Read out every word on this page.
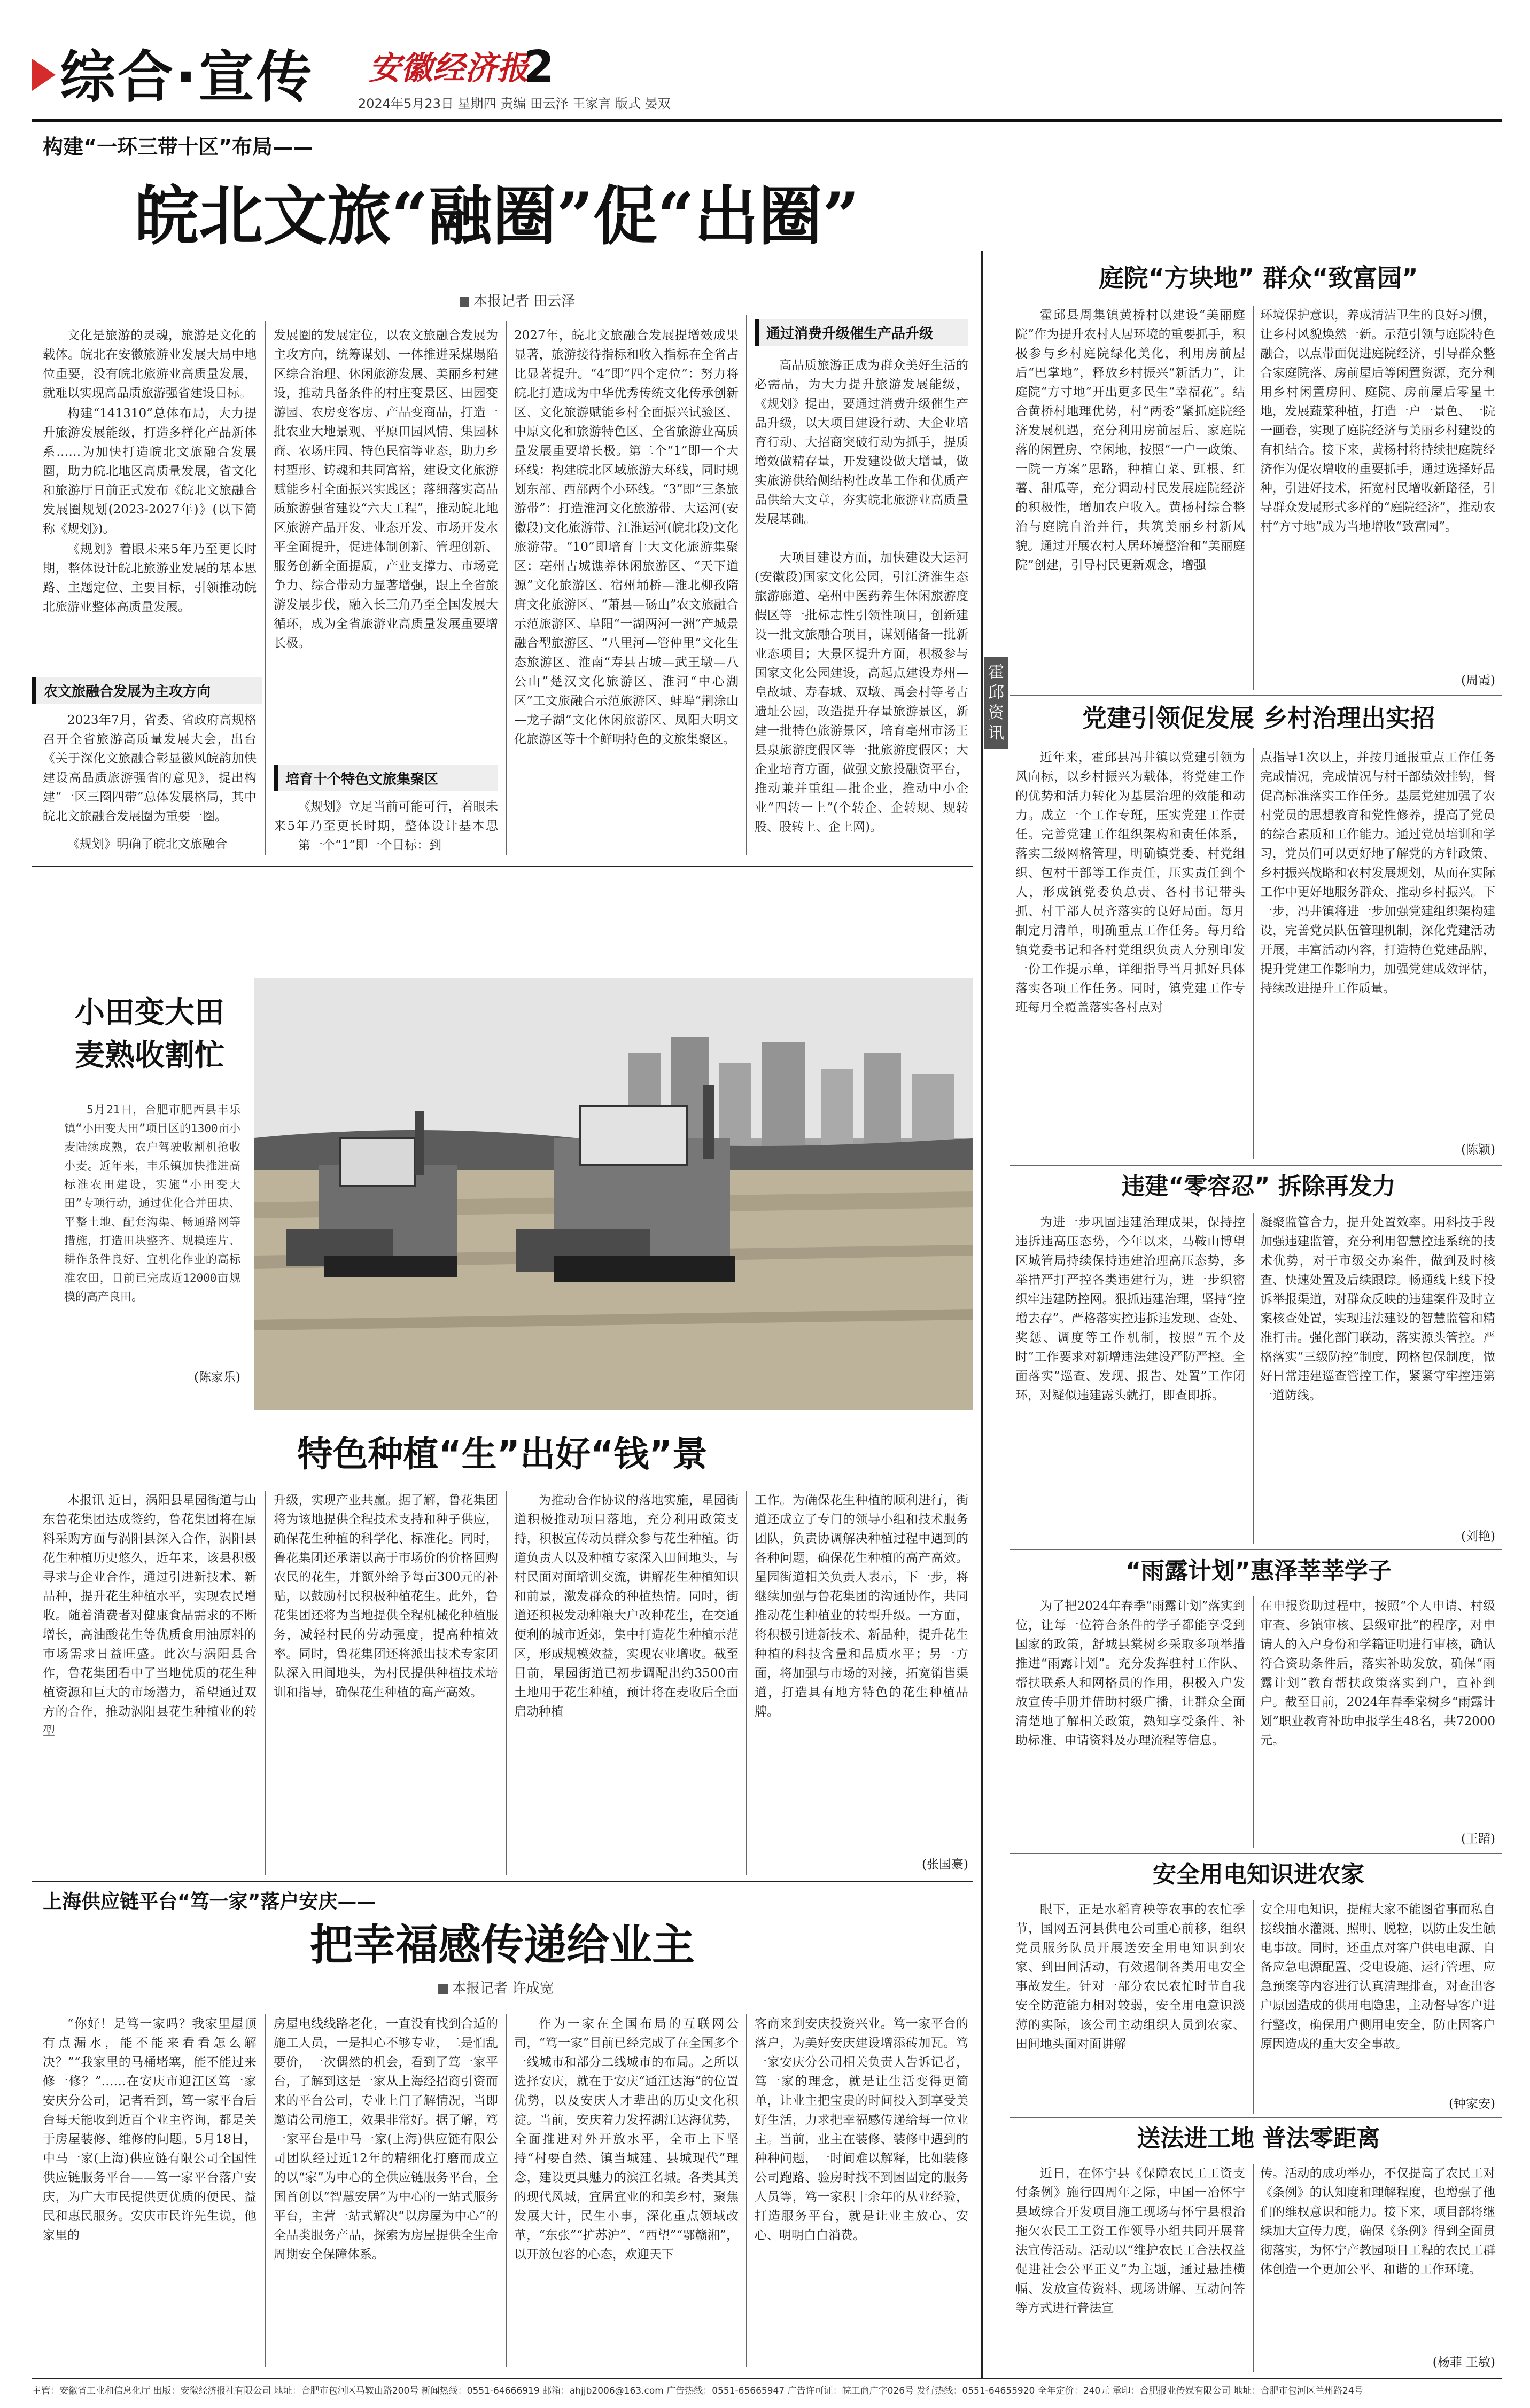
综合·宣传 安徽经济报
2
2024年5月23日 星期四 责编 田云泽 王家言 版式 晏双
构建“一环三带十区”布局——
皖北文旅“融圈”促“出圈”
本报记者 田云泽
文化是旅游的灵魂，旅游是文化的载体。皖北在安徽旅游业发展大局中地位重要，没有皖北旅游业高质量发展，就难以实现高品质旅游强省建设目标。
构建“141310”总体布局，大力提升旅游发展能级，打造多样化产品新体系……为加快打造皖北文旅融合发展圈，助力皖北地区高质量发展，省文化和旅游厅日前正式发布《皖北文旅融合发展圈规划(2023-2027年)》(以下简称《规划》)。
《规划》着眼未来5年乃至更长时期，整体设计皖北旅游业发展的基本思路、主题定位、主要目标，引领推动皖北旅游业整体高质量发展。
农文旅融合发展为主攻方向
2023年7月，省委、省政府高规格召开全省旅游高质量发展大会，出台《关于深化文旅融合彰显徽风皖韵加快建设高品质旅游强省的意见》，提出构建“一区三圈四带”总体发展格局，其中皖北文旅融合发展圈为重要一圈。
《规划》明确了皖北文旅融合
发展圈的发展定位，以农文旅融合发展为主攻方向，统筹谋划、一体推进采煤塌陷区综合治理、休闲旅游发展、美丽乡村建设，推动具备条件的村庄变景区、田园变游园、农房变客房、产品变商品，打造一批农业大地景观、平原田园风情、集园林商、农场庄园、特色民宿等业态，助力乡村塑形、铸魂和共同富裕，建设文化旅游赋能乡村全面振兴实践区；落细落实高品质旅游强省建设“六大工程”，推动皖北地区旅游产品开发、业态开发、市场开发水平全面提升，促进体制创新、管理创新、服务创新全面提质，产业支撑力、市场竞争力、综合带动力显著增强，跟上全省旅游发展步伐，融入长三角乃至全国发展大循环，成为全省旅游业高质量发展重要增长极。
培育十个特色文旅集聚区
《规划》立足当前可能可行，着眼未来5年乃至更长时期，整体设计基本思
第一个“1”即一个目标：到
2027年，皖北文旅融合发展提增效成果显著，旅游接待指标和收入指标在全省占比显著提升。“4”即“四个定位”：努力将皖北打造成为中华优秀传统文化传承创新区、文化旅游赋能乡村全面振兴试验区、中原文化和旅游特色区、全省旅游业高质量发展重要增长极。第二个“1”即一个大环线：构建皖北区域旅游大环线，同时规划东部、西部两个小环线。“3”即“三条旅游带”：打造淮河文化旅游带、大运河(安徽段)文化旅游带、江淮运河(皖北段)文化旅游带。“10”即培育十大文化旅游集聚区：亳州古城谯养休闲旅游区、“天下道源”文化旅游区、宿州埇桥—淮北柳孜隋唐文化旅游区、“萧县—砀山”农文旅融合示范旅游区、阜阳“一湖两河一洲”产城景融合型旅游区、“八里河—管仲里”文化生态旅游区、淮南“寿县古城—武王墩—八公山”楚汉文化旅游区、淮河“中心湖区”工文旅融合示范旅游区、蚌埠“荆涂山—龙子湖”文化休闲旅游区、凤阳大明文化旅游区等十个鲜明特色的文旅集聚区。
通过消费升级催生产品升级
高品质旅游正成为群众美好生活的必需品，为大力提升旅游发展能级，《规划》提出，要通过消费升级催生产品升级，以大项目建设行动、大企业培育行动、大招商突破行动为抓手，提质增效做精存量，开发建设做大增量，做实旅游供给侧结构性改革工作和优质产品供给大文章，夯实皖北旅游业高质量发展基础。
大项目建设方面，加快建设大运河(安徽段)国家文化公园，引江济淮生态旅游廊道、亳州中医药养生休闲旅游度假区等一批标志性引领性项目，创新建设一批文旅融合项目，谋划储备一批新业态项目；大景区提升方面，积极参与国家文化公园建设，高起点建设寿州—皇故城、寿春城、双墩、禹会村等考古遗址公园，改造提升存量旅游景区，新建一批特色旅游景区，培育亳州市汤王县泉旅游度假区等一批旅游度假区；大企业培育方面，做强文旅投融资平台，推动兼并重组—批企业，推动中小企业“四转一上”(个转企、企转规、规转股、股转上、企上网)。
小田变大田
麦熟收割忙
5月21日，合肥市肥西县丰乐镇“小田变大田”项目区的1300亩小麦陆续成熟，农户驾驶收割机抢收小麦。近年来，丰乐镇加快推进高标准农田建设，实施“小田变大田”专项行动，通过优化合并田块、平整土地、配套沟渠、畅通路网等措施，打造田块整齐、规模连片、耕作条件良好、宜机化作业的高标准农田，目前已完成近12000亩规模的高产良田。
(陈家乐)
特色种植“生”出好“钱”景
本报讯 近日，涡阳县星园街道与山东鲁花集团达成签约，鲁花集团将在原料采购方面与涡阳县深入合作，涡阳县花生种植历史悠久，近年来，该县积极寻求与企业合作，通过引进新技术、新品种，提升花生种植水平，实现农民增收。随着消费者对健康食品需求的不断增长，高油酸花生等优质食用油原料的市场需求日益旺盛。此次与涡阳县合作，鲁花集团看中了当地优质的花生种植资源和巨大的市场潜力，希望通过双方的合作，推动涡阳县花生种植业的转型
升级，实现产业共赢。据了解，鲁花集团将为该地提供全程技术支持和种子供应，确保花生种植的科学化、标准化。同时，鲁花集团还承诺以高于市场价的价格回购农民的花生，并额外给予每亩300元的补贴，以鼓励村民积极种植花生。此外，鲁花集团还将为当地提供全程机械化种植服务，减轻村民的劳动强度，提高种植效率。同时，鲁花集团还将派出技术专家团队深入田间地头，为村民提供种植技术培训和指导，确保花生种植的高产高效。
为推动合作协议的落地实施，星园街道积极推动项目落地，充分利用政策支持，积极宣传动员群众参与花生种植。街道负责人以及种植专家深入田间地头，与村民面对面培训交流，讲解花生种植知识和前景，激发群众的种植热情。同时，街道还积极发动种粮大户改种花生，在交通便利的城市近郊，集中打造花生种植示范区，形成规模效益，实现农业增收。截至目前，星园街道已初步调配出约3500亩土地用于花生种植，预计将在麦收后全面启动种植
工作。为确保花生种植的顺利进行，街道还成立了专门的领导小组和技术服务团队，负责协调解决种植过程中遇到的各种问题，确保花生种植的高产高效。星园街道相关负责人表示，下一步，将继续加强与鲁花集团的沟通协作，共同推动花生种植业的转型升级。一方面，将积极引进新技术、新品种，提升花生种植的科技含量和品质水平；另一方面，将加强与市场的对接，拓宽销售渠道，打造具有地方特色的花生种植品牌。
(张国豪)
上海供应链平台“笃一家”落户安庆——
把幸福感传递给业主
本报记者 许成宽
“你好！是笃一家吗？我家里屋顶有点漏水，能不能来看看怎么解决？”“我家里的马桶堵塞，能不能过来修一修？”……在安庆市迎江区笃一家安庆分公司，记者看到，笃一家平台后台每天能收到近百个业主咨询，都是关于房屋装修、维修的问题。5月18日，中马一家(上海)供应链有限公司全国性供应链服务平台——笃一家平台落户安庆，为广大市民提供更优质的便民、益民和惠民服务。安庆市民许先生说，他家里的
房屋电线线路老化，一直没有找到合适的施工人员，一是担心不够专业，二是怕乱要价，一次偶然的机会，看到了笃一家平台，了解到这是一家从上海经招商引资而来的平台公司，专业上门了解情况，当即邀请公司施工，效果非常好。据了解，笃一家平台是中马一家(上海)供应链有限公司团队经过近12年的精细化打磨而成立的以“家”为中心的全供应链服务平台，全国首创以“智慧安居”为中心的一站式服务平台，主营一站式解决“以房屋为中心”的全品类服务产品，探索为房屋提供全生命周期安全保障体系。
作为一家在全国布局的互联网公司，“笃一家”目前已经完成了在全国多个一线城市和部分二线城市的布局。之所以选择安庆，就在于安庆“通江达海”的位置优势，以及安庆人才辈出的历史文化积淀。当前，安庆着力发挥湖江达海优势，全面推进对外开放水平，全市上下坚持“村要自然、镇当城建、县城现代”理念，建设更具魅力的滨江名城。各类其美的现代风城，宜居宜业的和美乡村，聚焦发展大计，民生小事，深化重点领域改革，“东张”“扩苏沪”、“西望”“鄂赣湘”，以开放包容的心态，欢迎天下
客商来到安庆投资兴业。笃一家平台的落户，为美好安庆建设增添砖加瓦。笃一家安庆分公司相关负责人告诉记者，笃一家的理念，就是让生活变得更简单，让业主把宝贵的时间投入到享受美好生活，力求把幸福感传递给每一位业主。当前，业主在装修、装修中遇到的种种问题，一时间难以解释，比如装修公司跑路、验房时找不到困固定的服务人员等，笃一家积十余年的从业经验，打造服务平台，就是让业主放心、安心、明明白白消费。
霍邱资讯
庭院“方块地” 群众“致富园”
霍邱县周集镇黄桥村以建设“美丽庭院”作为提升农村人居环境的重要抓手，积极参与乡村庭院绿化美化，利用房前屋后“巴掌地”，释放乡村振兴“新活力”，让庭院“方寸地”开出更多民生“幸福花”。结合黄桥村地理优势，村“两委”紧抓庭院经济发展机遇，充分利用房前屋后、家庭院落的闲置房、空闲地，按照“一户一政策、一院一方案”思路，种植白菜、豇根、红薯、甜瓜等，充分调动村民发展庭院经济的积极性，增加农户收入。黄杨村综合整治与庭院自治并行，共筑美丽乡村新风貌。通过开展农村人居环境整治和“美丽庭院”创建，引导村民更新观念，增强
环境保护意识，养成清洁卫生的良好习惯，让乡村风貌焕然一新。示范引领与庭院特色融合，以点带面促进庭院经济，引导群众整合家庭院落、房前屋后等闲置资源，充分利用乡村闲置房间、庭院、房前屋后零星土地，发展蔬菜种植，打造一户一景色、一院一画卷，实现了庭院经济与美丽乡村建设的有机结合。接下来，黄杨村将持续把庭院经济作为促农增收的重要抓手，通过选择好品种，引进好技术，拓宽村民增收新路径，引导群众发展形式多样的“庭院经济”，推动农村“方寸地”成为当地增收“致富园”。
(周霞)
党建引领促发展 乡村治理出实招
近年来，霍邱县冯井镇以党建引领为风向标，以乡村振兴为载体，将党建工作的优势和活力转化为基层治理的效能和动力。成立一个工作专班，压实党建工作责任。完善党建工作组织架构和责任体系，落实三级网格管理，明确镇党委、村党组织、包村干部等工作责任，压实责任到个人，形成镇党委负总责、各村书记带头抓、村干部人员齐落实的良好局面。每月制定月清单，明确重点工作任务。每月给镇党委书记和各村党组织负责人分别印发一份工作提示单，详细指导当月抓好具体落实各项工作任务。同时，镇党建工作专班每月全覆盖落实各村点对
点指导1次以上，并按月通报重点工作任务完成情况，完成情况与村干部绩效挂钩，督促高标准落实工作任务。基层党建加强了农村党员的思想教育和党性修养，提高了党员的综合素质和工作能力。通过党员培训和学习，党员们可以更好地了解党的方针政策、乡村振兴战略和农村发展规划，从而在实际工作中更好地服务群众、推动乡村振兴。下一步，冯井镇将进一步加强党建组织架构建设，完善党员队伍管理机制，深化党建活动开展，丰富活动内容，打造特色党建品牌，提升党建工作影响力，加强党建成效评估，持续改进提升工作质量。
(陈颖)
违建“零容忍” 拆除再发力
为进一步巩固违建治理成果，保持控违拆违高压态势，今年以来，马鞍山博望区城管局持续保持违建治理高压态势，多举措严打严控各类违建行为，进一步织密织牢违建防控网。狠抓违建治理，坚持“控增去存”。严格落实控违拆违发现、查处、奖惩、调度等工作机制，按照“五个及时”工作要求对新增违法建设严防严控。全面落实“巡查、发现、报告、处置”工作闭环，对疑似违建露头就打，即查即拆。
凝聚监管合力，提升处置效率。用科技手段加强违建监管，充分利用智慧控违系统的技术优势，对于市级交办案件，做到及时核查、快速处置及后续跟踪。畅通线上线下投诉举报渠道，对群众反映的违建案件及时立案核查处置，实现违法建设的智慧监管和精准打击。强化部门联动，落实源头管控。严格落实“三级防控”制度，网格包保制度，做好日常违建巡查管控工作，紧紧守牢控违第一道防线。
(刘艳)
“雨露计划”惠泽莘莘学子
为了把2024年春季“雨露计划”落实到位，让每一位符合条件的学子都能享受到国家的政策，舒城县棠树乡采取多项举措推进“雨露计划”。充分发挥驻村工作队、帮扶联系人和网格员的作用，积极入户发放宣传手册并借助村级广播，让群众全面清楚地了解相关政策，熟知享受条件、补助标准、申请资料及办理流程等信息。
在申报资助过程中，按照“个人申请、村级审查、乡镇审核、县级审批”的程序，对申请人的入户身份和学籍证明进行审核，确认符合资助条件后，落实补助发放，确保“雨露计划”教育帮扶政策落实到户，直补到户。截至目前，2024年春季棠树乡“雨露计划”职业教育补助申报学生48名，共72000元。
(王蹈)
安全用电知识进农家
眼下，正是水稻育秧等农事的农忙季节，国网五河县供电公司重心前移，组织党员服务队员开展送安全用电知识到农家、到田间活动，有效遏制各类用电安全事故发生。针对一部分农民农忙时节自我安全防范能力相对较弱，安全用电意识淡薄的实际，该公司主动组织人员到农家、田间地头面对面讲解
安全用电知识，提醒大家不能图省事而私自接线抽水灌溉、照明、脱粒，以防止发生触电事故。同时，还重点对客户供电电源、自备应急电源配置、受电设施、运行管理、应急预案等内容进行认真清理排查，对查出客户原因造成的供用电隐患，主动督导客户进行整改，确保用户侧用电安全，防止因客户原因造成的重大安全事故。
(钟家安)
送法进工地 普法零距离
近日，在怀宁县《保障农民工工资支付条例》施行四周年之际，中国一冶怀宁县域综合开发项目施工现场与怀宁县根治拖欠农民工工资工作领导小组共同开展普法宣传活动。活动以“维护农民工合法权益 促进社会公平正义”为主题，通过悬挂横幅、发放宣传资料、现场讲解、互动问答等方式进行普法宣
传。活动的成功举办，不仅提高了农民工对《条例》的认知度和理解程度，也增强了他们的维权意识和能力。接下来，项目部将继续加大宣传力度，确保《条例》得到全面贯彻落实，为怀宁产教园项目工程的农民工群体创造一个更加公平、和谐的工作环境。
(杨菲 王敏)
主管：安徽省工业和信息化厅 出版：安徽经济报社有限公司 地址：合肥市包河区马鞍山路200号 新闻热线：0551-64666919 邮箱：ahjjb2006@163.com 广告热线：0551-65665947 广告许可证：皖工商广字026号 发行热线：0551-64655920 全年定价：240元 承印：合肥报业传媒有限公司 地址：合肥市包河区兰州路24号
